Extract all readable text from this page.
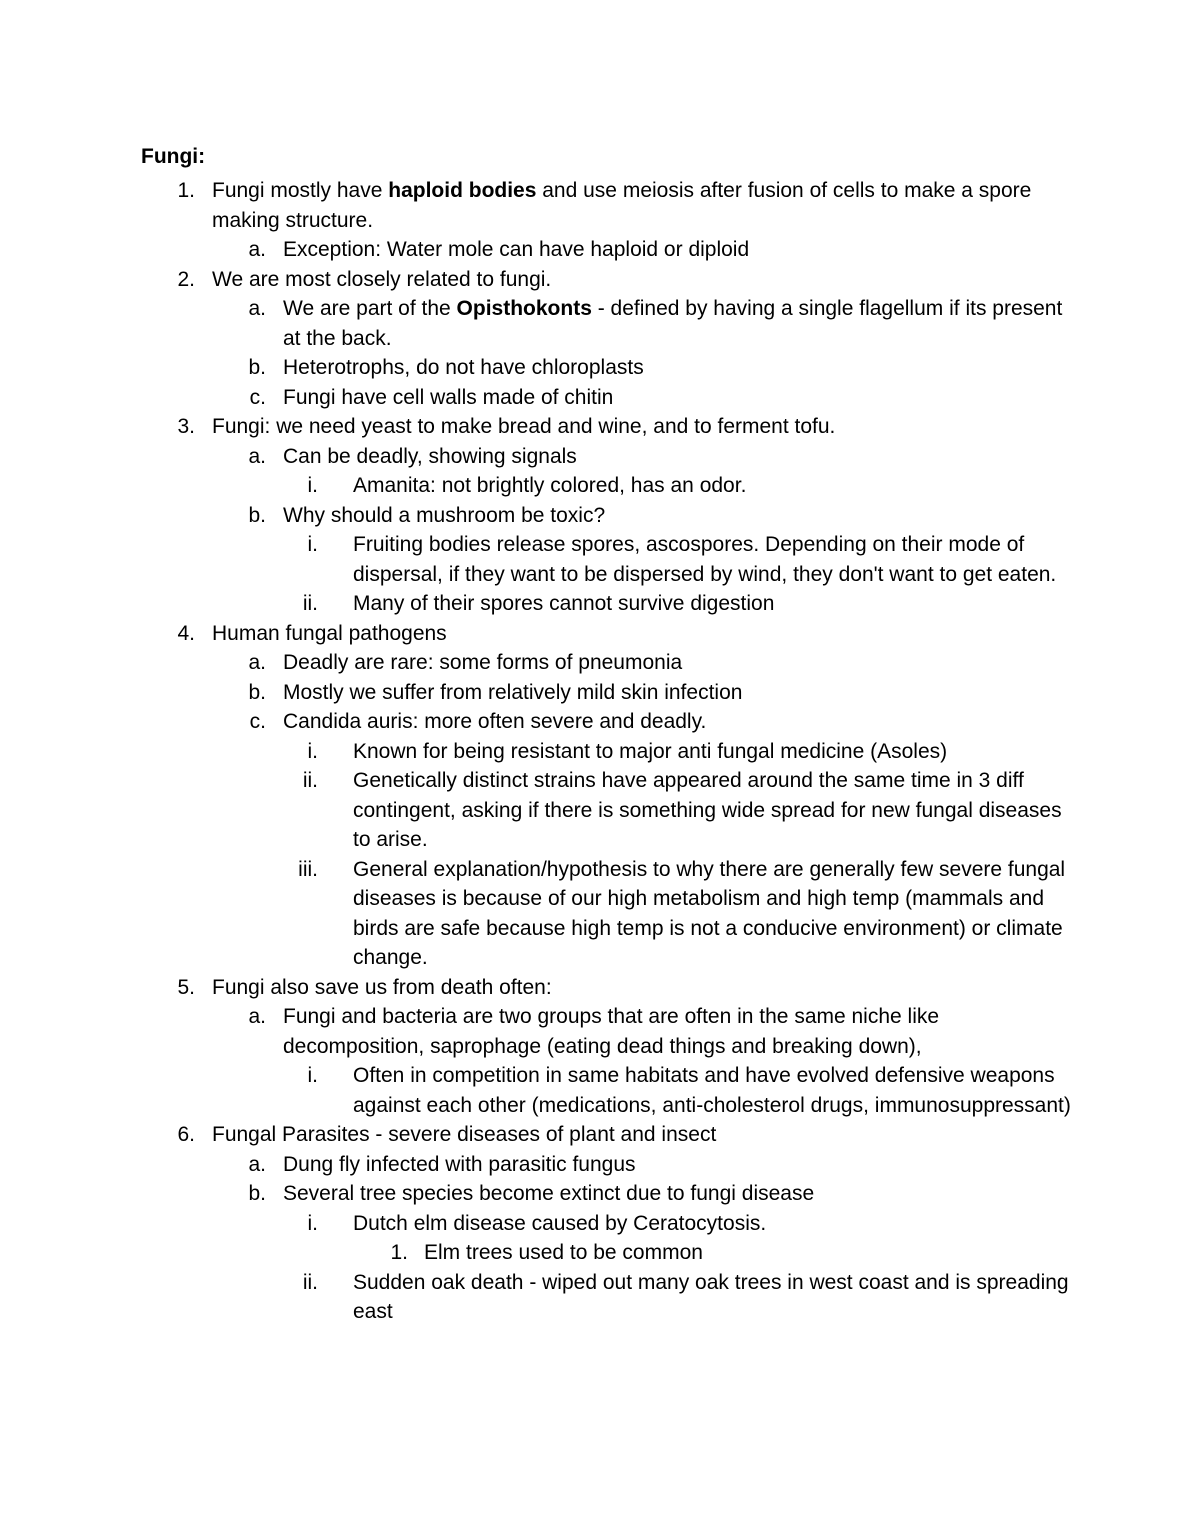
Fungi:
1. Fungi mostly have haploid bodies and use meiosis after fusion of cells to make a spore making structure.
a. Exception: Water mole can have haploid or diploid
2. We are most closely related to fungi.
a. We are part of the Opisthokonts - defined by having a single flagellum if its present at the back.
b. Heterotrophs, do not have chloroplasts
c. Fungi have cell walls made of chitin
3. Fungi: we need yeast to make bread and wine, and to ferment tofu.
a. Can be deadly, showing signals
i. Amanita: not brightly colored, has an odor.
b. Why should a mushroom be toxic?
i. Fruiting bodies release spores, ascospores. Depending on their mode of dispersal, if they want to be dispersed by wind, they don't want to get eaten.
ii. Many of their spores cannot survive digestion
4. Human fungal pathogens
a. Deadly are rare: some forms of pneumonia
b. Mostly we suffer from relatively mild skin infection
c. Candida auris: more often severe and deadly.
i. Known for being resistant to major anti fungal medicine (Asoles)
ii. Genetically distinct strains have appeared around the same time in 3 diff contingent, asking if there is something wide spread for new fungal diseases to arise.
iii. General explanation/hypothesis to why there are generally few severe fungal diseases is because of our high metabolism and high temp (mammals and birds are safe because high temp is not a conducive environment) or climate change.
5. Fungi also save us from death often:
a. Fungi and bacteria are two groups that are often in the same niche like decomposition, saprophage (eating dead things and breaking down),
i. Often in competition in same habitats and have evolved defensive weapons against each other (medications, anti-cholesterol drugs, immunosuppressant)
6. Fungal Parasites - severe diseases of plant and insect
a. Dung fly infected with parasitic fungus
b. Several tree species become extinct due to fungi disease
i. Dutch elm disease caused by Ceratocytosis.
1. Elm trees used to be common
ii. Sudden oak death - wiped out many oak trees in west coast and is spreading east
